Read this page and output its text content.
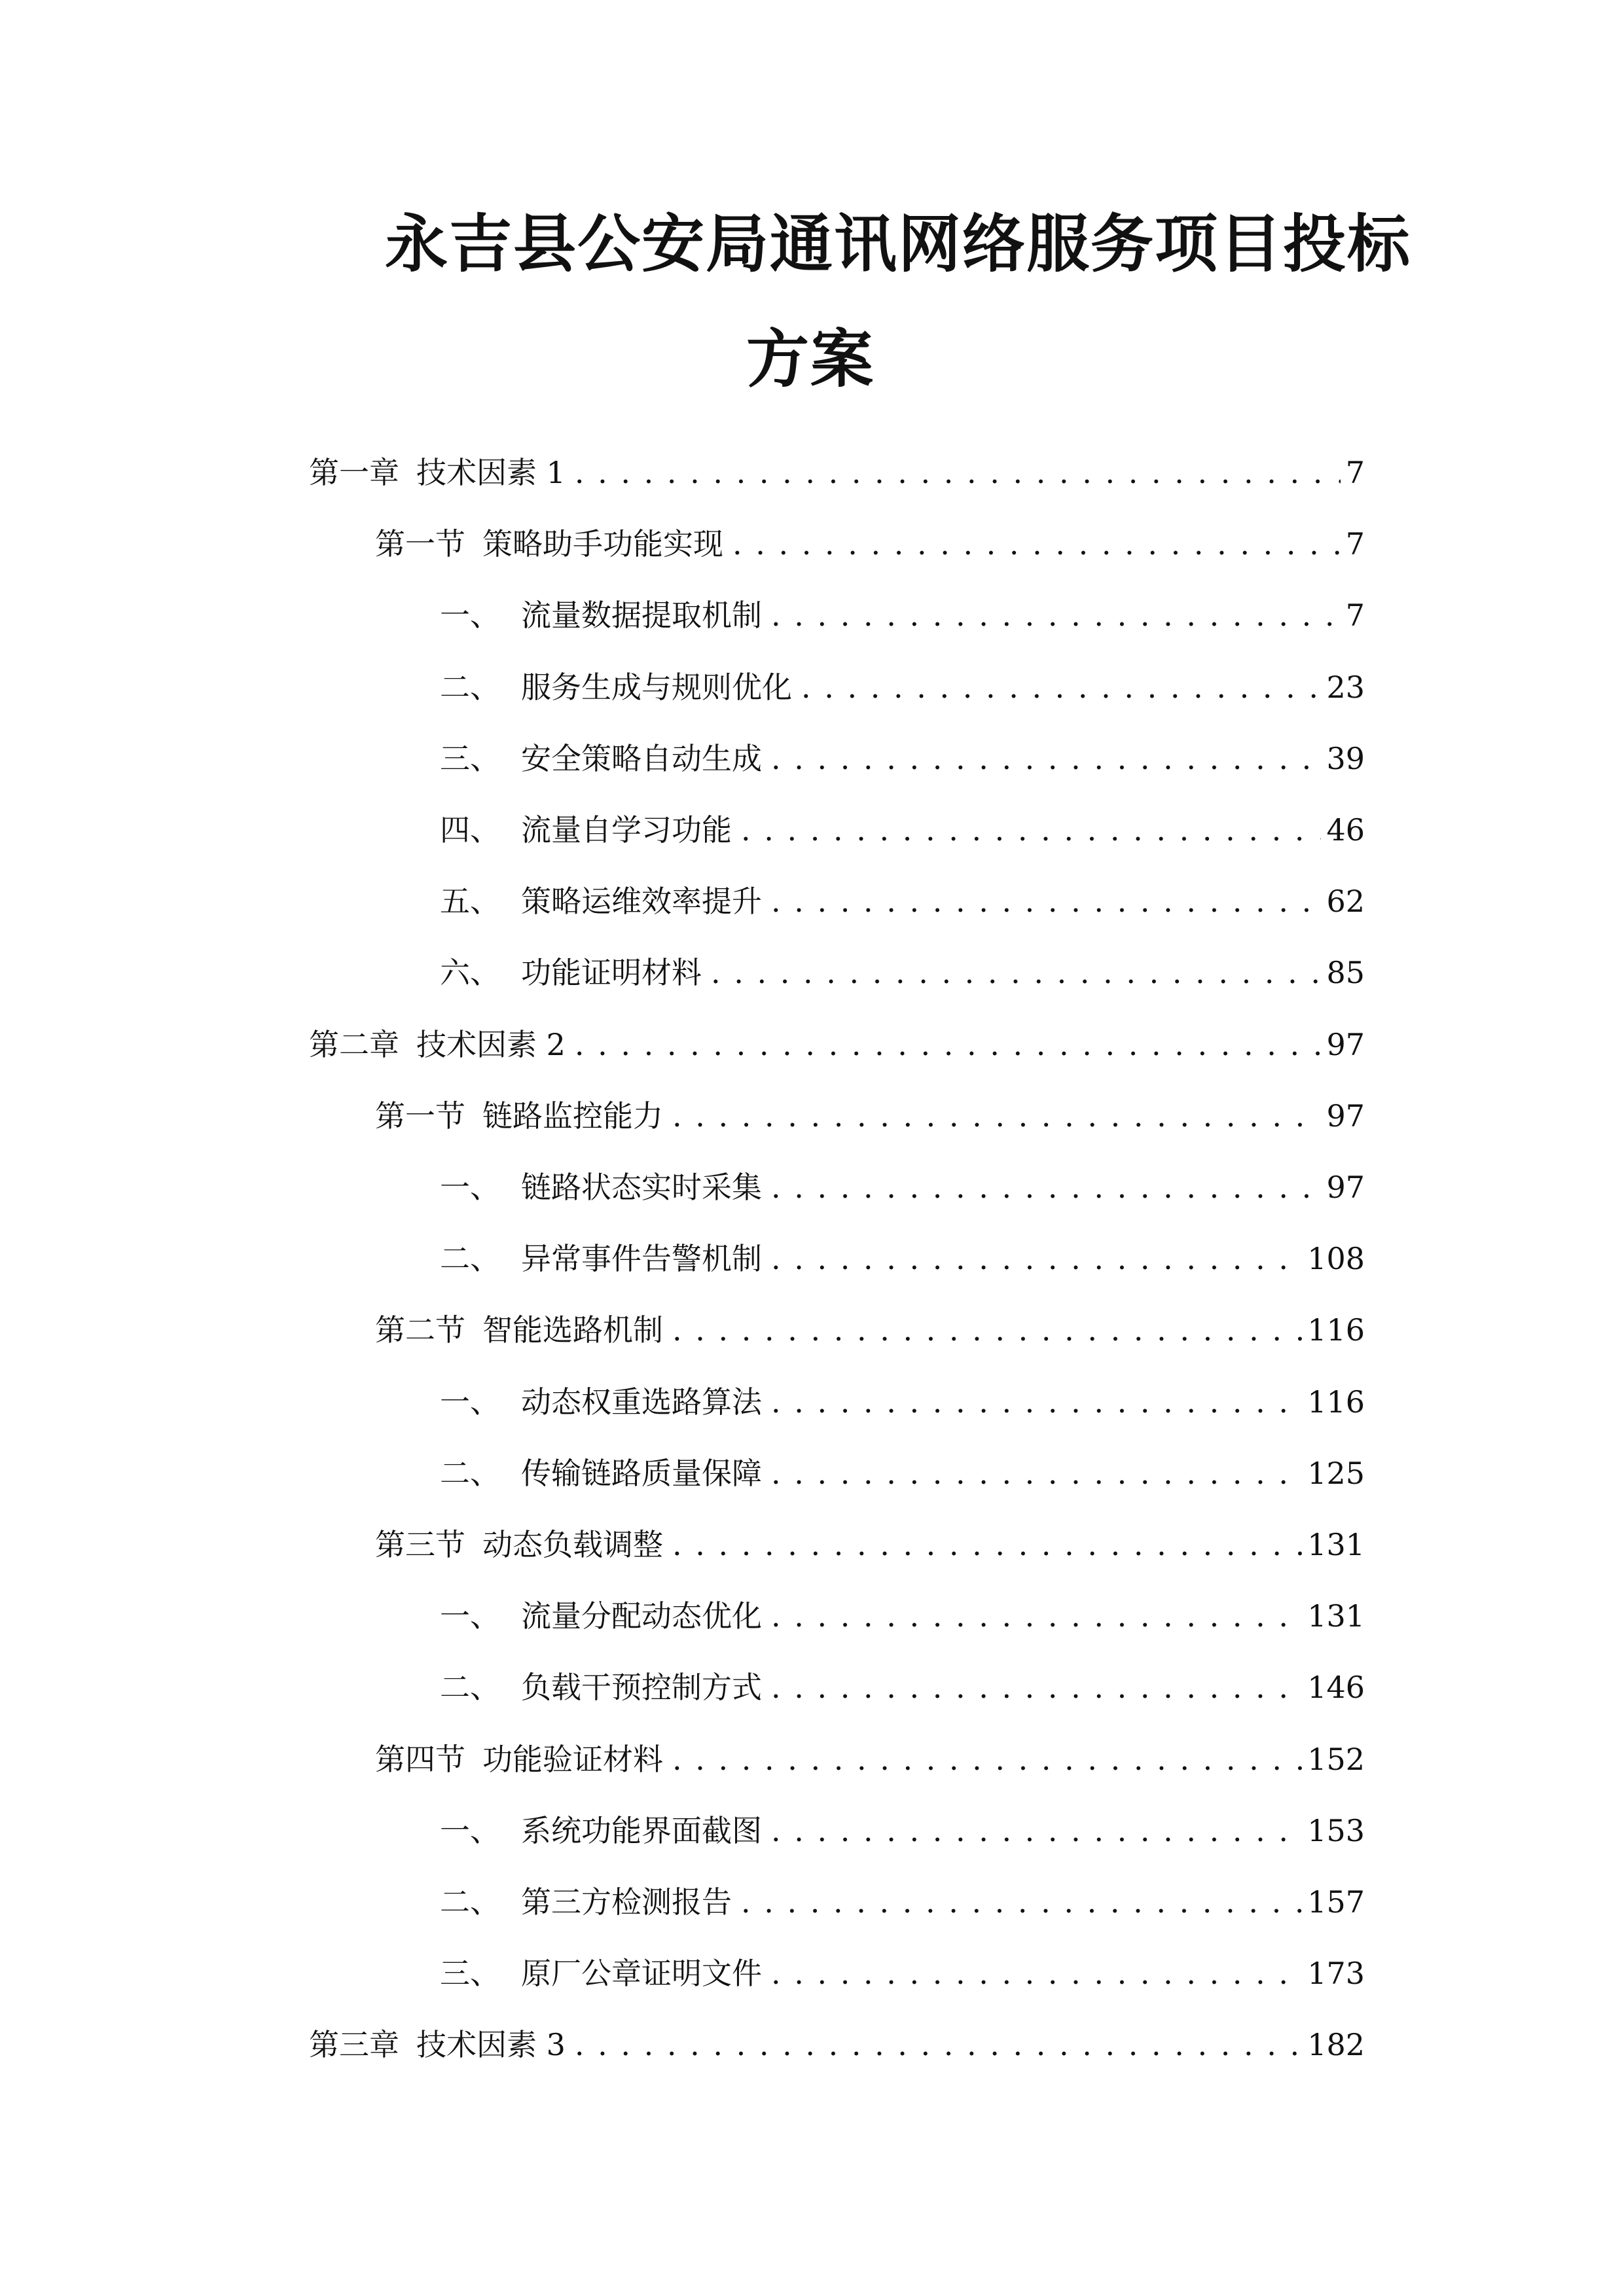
永吉县公安局通讯网络服务项目投标
方案
第一章 技术因素 1 . . .	7
第一节 策略助手功能实现 . . .	7
一、 流量数据提取机制 . . .	7
二、 服务生成与规则优化 . . .	23
三、 安全策略自动生成 . . .	39
四、 流量自学习功能 . . .	46
五、 策略运维效率提升 . . .	62
六、 功能证明材料 . . .	85
第二章 技术因素 2 . . .	97
第一节 链路监控能力 . . .	97
一、 链路状态实时采集 . . .	97
二、 异常事件告警机制 . . .	108
第二节 智能选路机制 . . .	116
一、 动态权重选路算法 . . .	116
二、 传输链路质量保障 . . .	125
第三节 动态负载调整 . . .	131
一、 流量分配动态优化 . . .	131
二、 负载干预控制方式 . . .	146
第四节 功能验证材料 . . .	152
一、 系统功能界面截图 . . .	153
二、 第三方检测报告 . . .	157
三、 原厂公章证明文件 . . .	173
第三章 技术因素 3 . . .	182
